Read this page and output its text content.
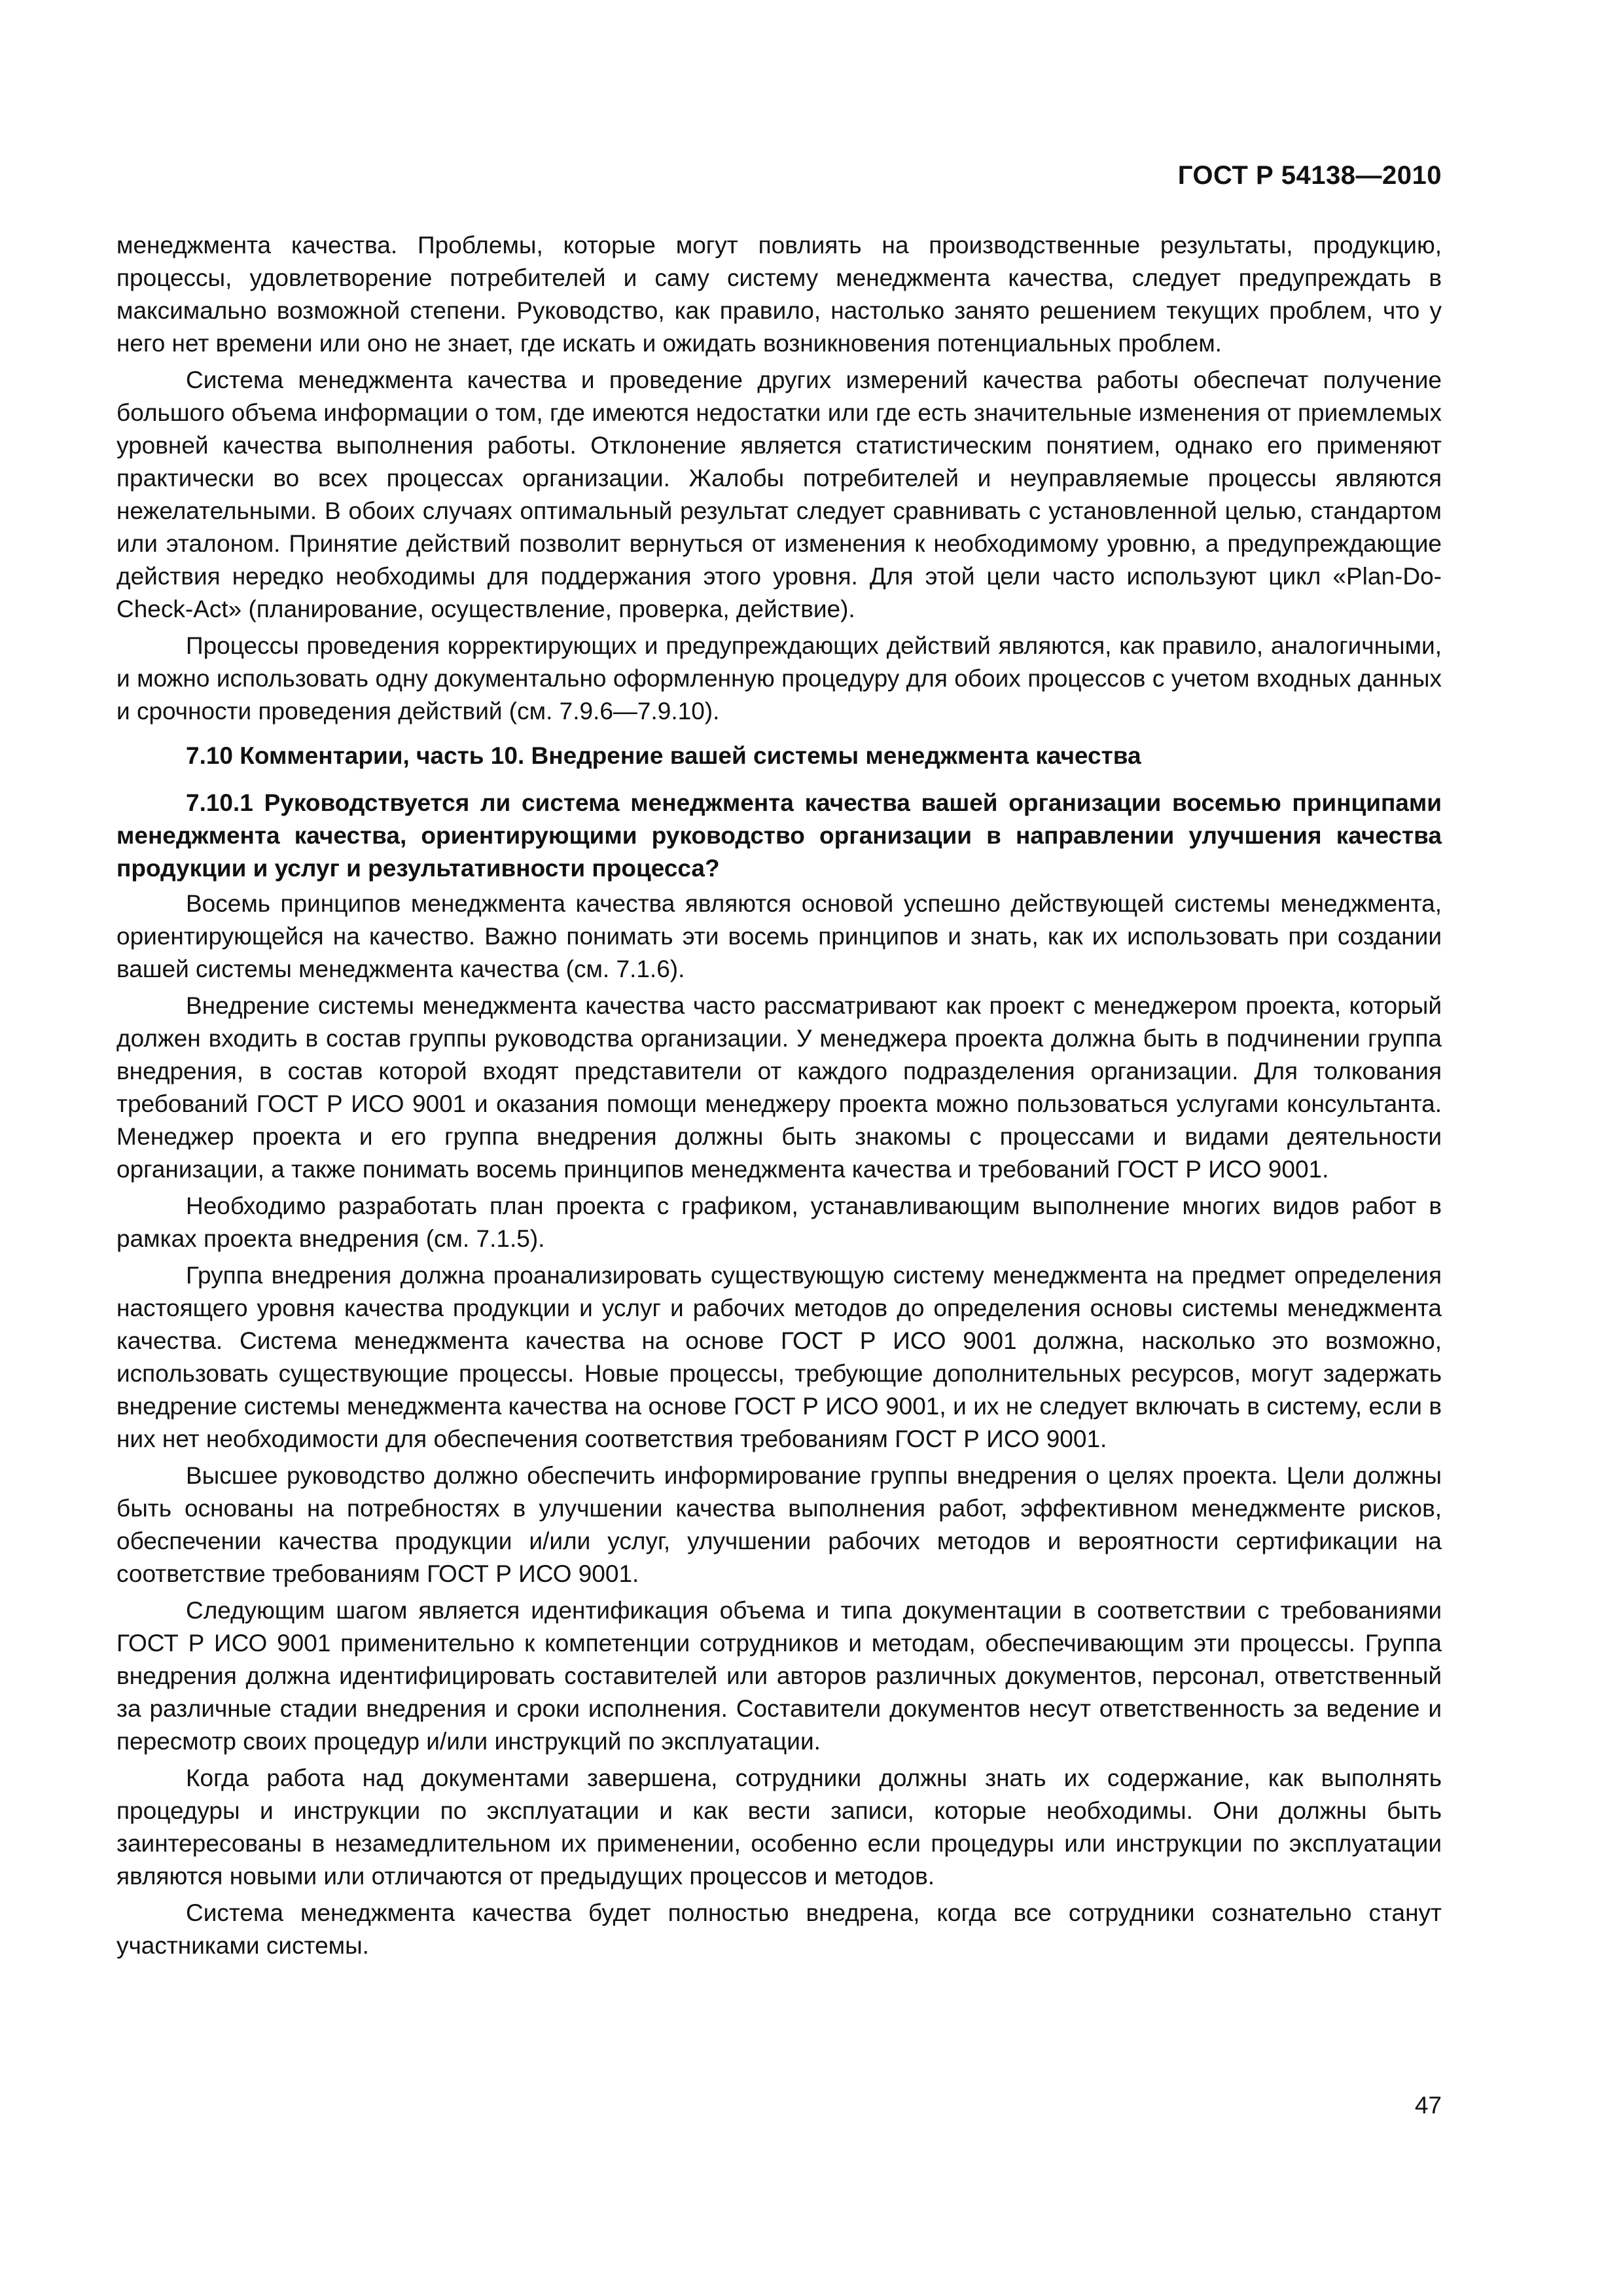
ГОСТ Р 54138—2010

менеджмента качества. Проблемы, которые могут повлиять на производственные результаты, продукцию, процессы, удовлетворение потребителей и саму систему менеджмента качества, следует предупреждать в максимально возможной степени. Руководство, как правило, настолько занято решением текущих проблем, что у него нет времени или оно не знает, где искать и ожидать возникновения потенциальных проблем.

Система менеджмента качества и проведение других измерений качества работы обеспечат получение большого объема информации о том, где имеются недостатки или где есть значительные изменения от приемлемых уровней качества выполнения работы. Отклонение является статистическим понятием, однако его применяют практически во всех процессах организации. Жалобы потребителей и неуправляемые процессы являются нежелательными. В обоих случаях оптимальный результат следует сравнивать с установленной целью, стандартом или эталоном. Принятие действий позволит вернуться от изменения к необходимому уровню, а предупреждающие действия нередко необходимы для поддержания этого уровня. Для этой цели часто используют цикл «Plan-Do-Check-Act» (планирование, осуществление, проверка, действие).

Процессы проведения корректирующих и предупреждающих действий являются, как правило, аналогичными, и можно использовать одну документально оформленную процедуру для обоих процессов с учетом входных данных и срочности проведения действий (см. 7.9.6—7.9.10).

7.10 Комментарии, часть 10. Внедрение вашей системы менеджмента качества

7.10.1 Руководствуется ли система менеджмента качества вашей организации восемью принципами менеджмента качества, ориентирующими руководство организации в направлении улучшения качества продукции и услуг и результативности процесса?

Восемь принципов менеджмента качества являются основой успешно действующей системы менеджмента, ориентирующейся на качество. Важно понимать эти восемь принципов и знать, как их использовать при создании вашей системы менеджмента качества (см. 7.1.6).

Внедрение системы менеджмента качества часто рассматривают как проект с менеджером проекта, который должен входить в состав группы руководства организации. У менеджера проекта должна быть в подчинении группа внедрения, в состав которой входят представители от каждого подразделения организации. Для толкования требований ГОСТ Р ИСО 9001 и оказания помощи менеджеру проекта можно пользоваться услугами консультанта. Менеджер проекта и его группа внедрения должны быть знакомы с процессами и видами деятельности организации, а также понимать восемь принципов менеджмента качества и требований ГОСТ Р ИСО 9001.

Необходимо разработать план проекта с графиком, устанавливающим выполнение многих видов работ в рамках проекта внедрения (см. 7.1.5).

Группа внедрения должна проанализировать существующую систему менеджмента на предмет определения настоящего уровня качества продукции и услуг и рабочих методов до определения основы системы менеджмента качества. Система менеджмента качества на основе ГОСТ Р ИСО 9001 должна, насколько это возможно, использовать существующие процессы. Новые процессы, требующие дополнительных ресурсов, могут задержать внедрение системы менеджмента качества на основе ГОСТ Р ИСО 9001, и их не следует включать в систему, если в них нет необходимости для обеспечения соответствия требованиям ГОСТ Р ИСО 9001.

Высшее руководство должно обеспечить информирование группы внедрения о целях проекта. Цели должны быть основаны на потребностях в улучшении качества выполнения работ, эффективном менеджменте рисков, обеспечении качества продукции и/или услуг, улучшении рабочих методов и вероятности сертификации на соответствие требованиям ГОСТ Р ИСО 9001.

Следующим шагом является идентификация объема и типа документации в соответствии с требованиями ГОСТ Р ИСО 9001 применительно к компетенции сотрудников и методам, обеспечивающим эти процессы. Группа внедрения должна идентифицировать составителей или авторов различных документов, персонал, ответственный за различные стадии внедрения и сроки исполнения. Составители документов несут ответственность за ведение и пересмотр своих процедур и/или инструкций по эксплуатации.

Когда работа над документами завершена, сотрудники должны знать их содержание, как выполнять процедуры и инструкции по эксплуатации и как вести записи, которые необходимы. Они должны быть заинтересованы в незамедлительном их применении, особенно если процедуры или инструкции по эксплуатации являются новыми или отличаются от предыдущих процессов и методов.

Система менеджмента качества будет полностью внедрена, когда все сотрудники сознательно станут участниками системы.

47
